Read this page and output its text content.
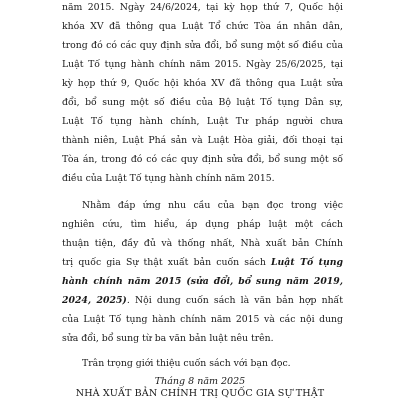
năm 2015. Ngày 24/6/2024, tại kỳ họp thứ 7, Quốc hội
khóa XV đã thông qua Luật Tổ chức Tòa án nhân dân,
trong đó có các quy định sửa đổi, bổ sung một số điều của
Luật Tố tụng hành chính năm 2015. Ngày 25/6/2025, tại
kỳ họp thứ 9, Quốc hội khóa XV đã thông qua Luật sửa
đổi, bổ sung một số điều của Bộ luật Tố tụng Dân sự,
Luật Tố tụng hành chính, Luật Tư pháp người chưa
thành niên, Luật Phá sản và Luật Hòa giải, đối thoại tại
Tòa án, trong đó có các quy định sửa đổi, bổ sung một số
điều của Luật Tố tụng hành chính năm 2015.
Nhằm đáp ứng nhu cầu của bạn đọc trong việc
nghiên cứu, tìm hiểu, áp dụng pháp luật một cách
thuận tiện, đầy đủ và thống nhất, Nhà xuất bản Chính
trị quốc gia Sự thật xuất bản cuốn sách Luật Tố tụng
hành chính năm 2015 (sửa đổi, bổ sung năm 2019,
2024, 2025). Nội dung cuốn sách là văn bản hợp nhất
của Luật Tố tụng hành chính năm 2015 và các nội dung
sửa đổi, bổ sung từ ba văn bản luật nêu trên.
Trân trọng giới thiệu cuốn sách với bạn đọc.
Tháng 8 năm 2025
NHÀ XUẤT BẢN CHÍNH TRỊ QUỐC GIA SỰ THẬT
